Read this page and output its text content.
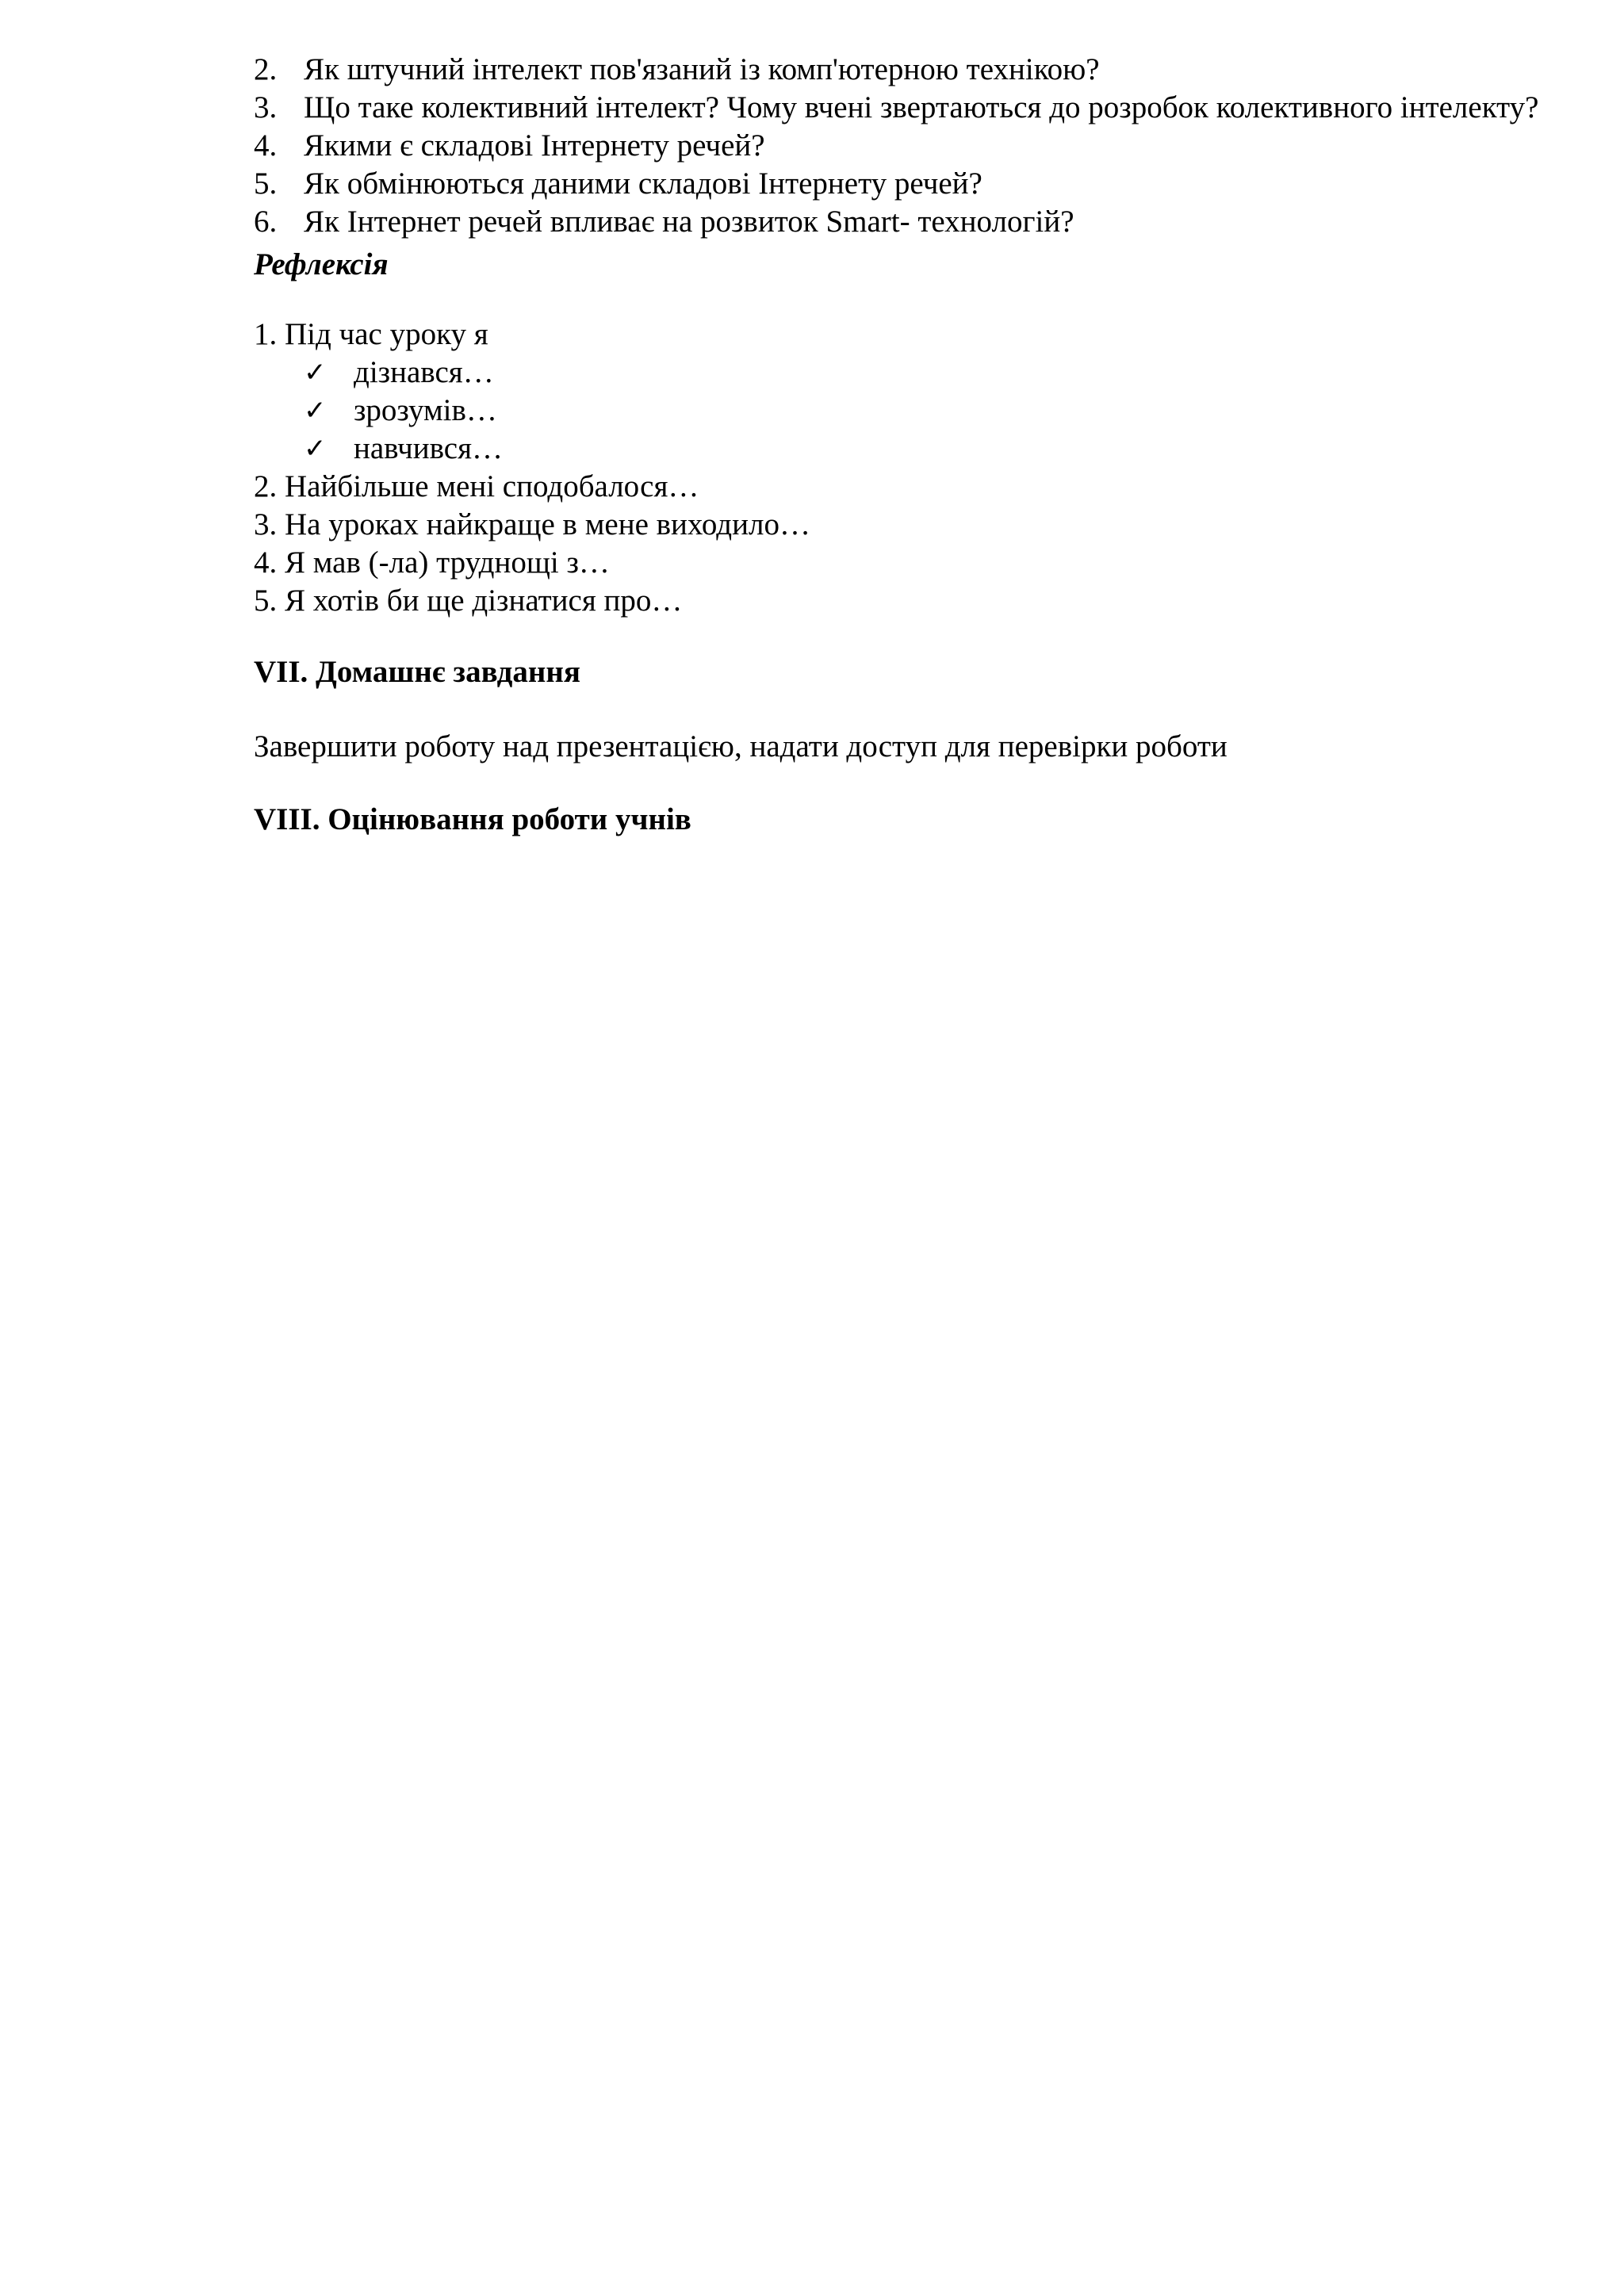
2. Як штучний інтелект пов'язаний із комп'ютерною технікою?
3. Що таке колективний інтелект? Чому вчені звертаються до розробок колективного інтелекту?
4. Якими є складові Інтернету речей?
5. Як обмінюються даними складові Інтернету речей?
6. Як Інтернет речей впливає на розвиток Smart- технологій?
Рефлексія
1. Під час уроку я
✓ дізнався…
✓ зрозумів…
✓ навчився…
2. Найбільше мені сподобалося…
3. На уроках найкраще в мене виходило…
4. Я мав (-ла) труднощі з…
5. Я хотів би ще дізнатися про…
VII. Домашнє завдання
Завершити роботу над презентацією, надати доступ для перевірки роботи
VIII. Оцінювання роботи учнів
